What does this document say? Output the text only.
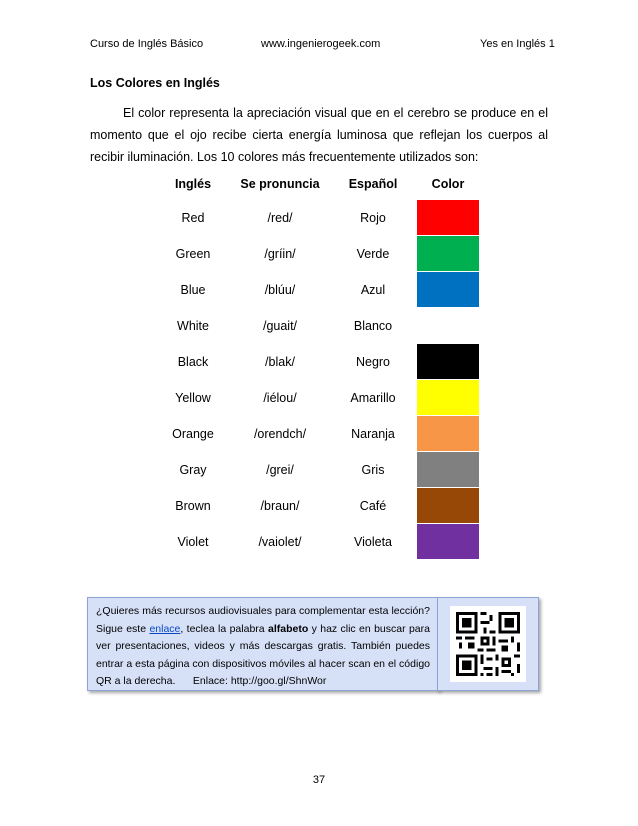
Curso de Inglés Básico	www.ingenierogeek.com	Yes en Inglés 1
Los Colores en Inglés

El color representa la apreciación visual que en el cerebro se produce en el momento que el ojo recibe cierta energía luminosa que reflejan los cuerpos al recibir iluminación. Los 10 colores más frecuentemente utilizados son:

Inglés	Se pronuncia	Español	Color
Red	/red/	Rojo
Green	/gríin/	Verde
Blue	/blúu/	Azul
White	/guait/	Blanco
Black	/blak/	Negro
Yellow	/iélou/	Amarillo
Orange	/orendch/	Naranja
Gray	/grei/	Gris
Brown	/braun/	Café
Violet	/vaiolet/	Violeta

¿Quieres más recursos audiovisuales para complementar esta lección? Sigue este enlace, teclea la palabra alfabeto y haz clic en buscar para ver presentaciones, videos y más descargas gratis. También puedes entrar a esta página con dispositivos móviles al hacer scan en el código QR a la derecha. Enlace: http://goo.gl/ShnWor

37
